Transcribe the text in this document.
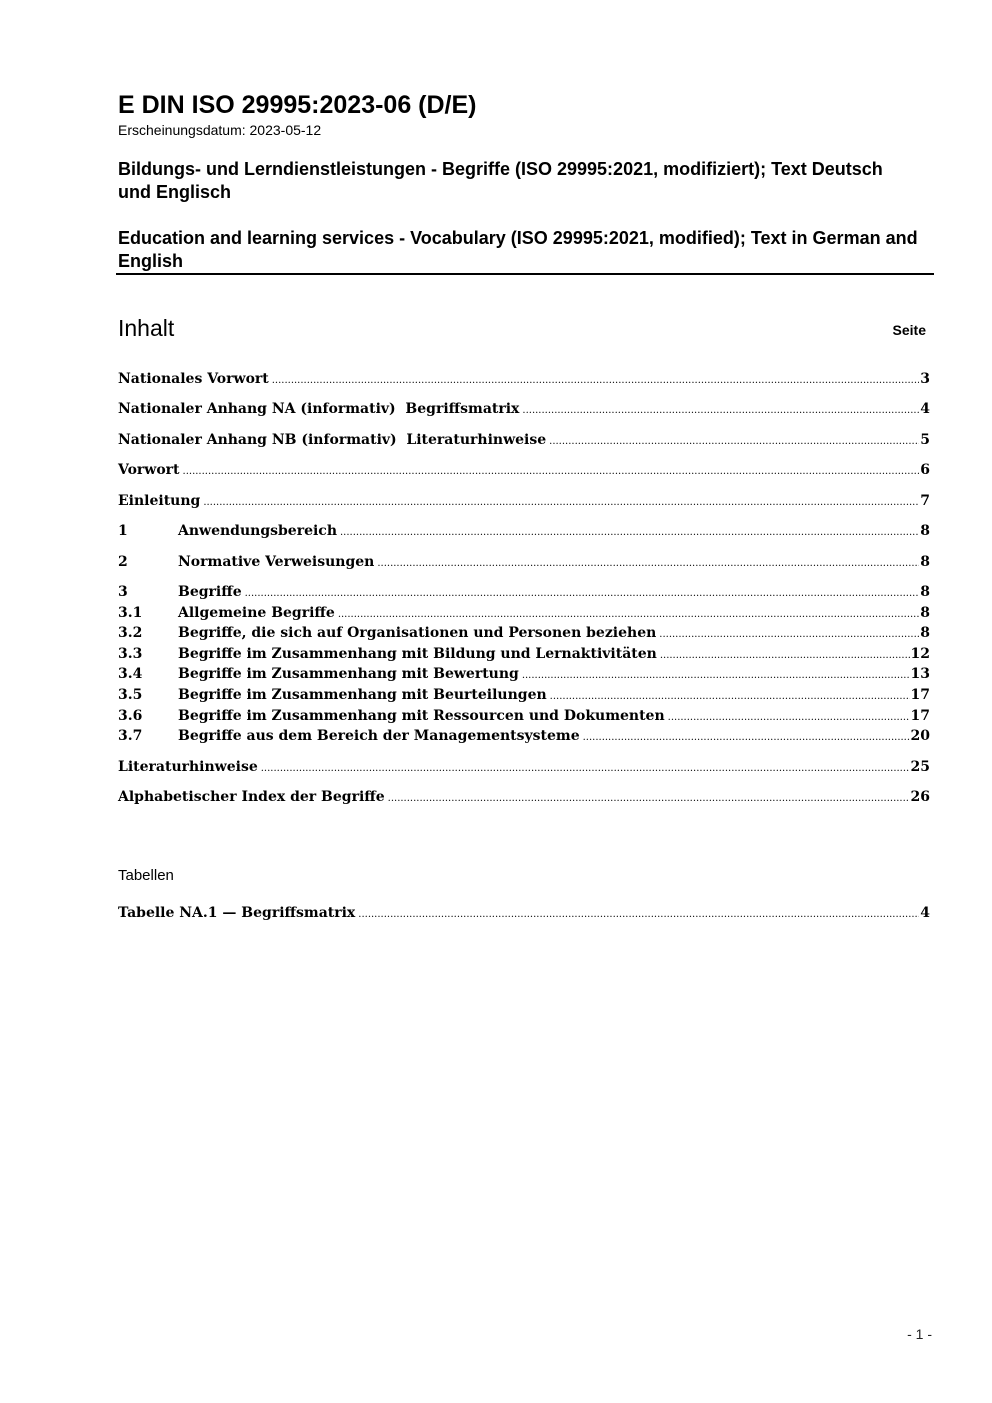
E DIN ISO 29995:2023-06 (D/E)
Erscheinungsdatum: 2023-05-12
Bildungs- und Lerndienstleistungen - Begriffe (ISO 29995:2021, modifiziert); Text Deutsch und Englisch
Education and learning services - Vocabulary (ISO 29995:2021, modified); Text in German and English
Inhalt	Seite
Nationales Vorwort .....	3
Nationaler Anhang NA (informativ)  Begriffsmatrix .....	4
Nationaler Anhang NB (informativ)  Literaturhinweise .....	5
Vorwort .....	6
Einleitung .....	7
1	Anwendungsbereich .....	8
2	Normative Verweisungen .....	8
3	Begriffe .....	8
3.1	Allgemeine Begriffe .....	8
3.2	Begriffe, die sich auf Organisationen und Personen beziehen .....	8
3.3	Begriffe im Zusammenhang mit Bildung und Lernaktivitäten .....	12
3.4	Begriffe im Zusammenhang mit Bewertung .....	13
3.5	Begriffe im Zusammenhang mit Beurteilungen .....	17
3.6	Begriffe im Zusammenhang mit Ressourcen und Dokumenten .....	17
3.7	Begriffe aus dem Bereich der Managementsysteme .....	20
Literaturhinweise .....	25
Alphabetischer Index der Begriffe .....	26
Tabelle NA.1 — Begriffsmatrix .....	4
Tabellen
- 1 -
